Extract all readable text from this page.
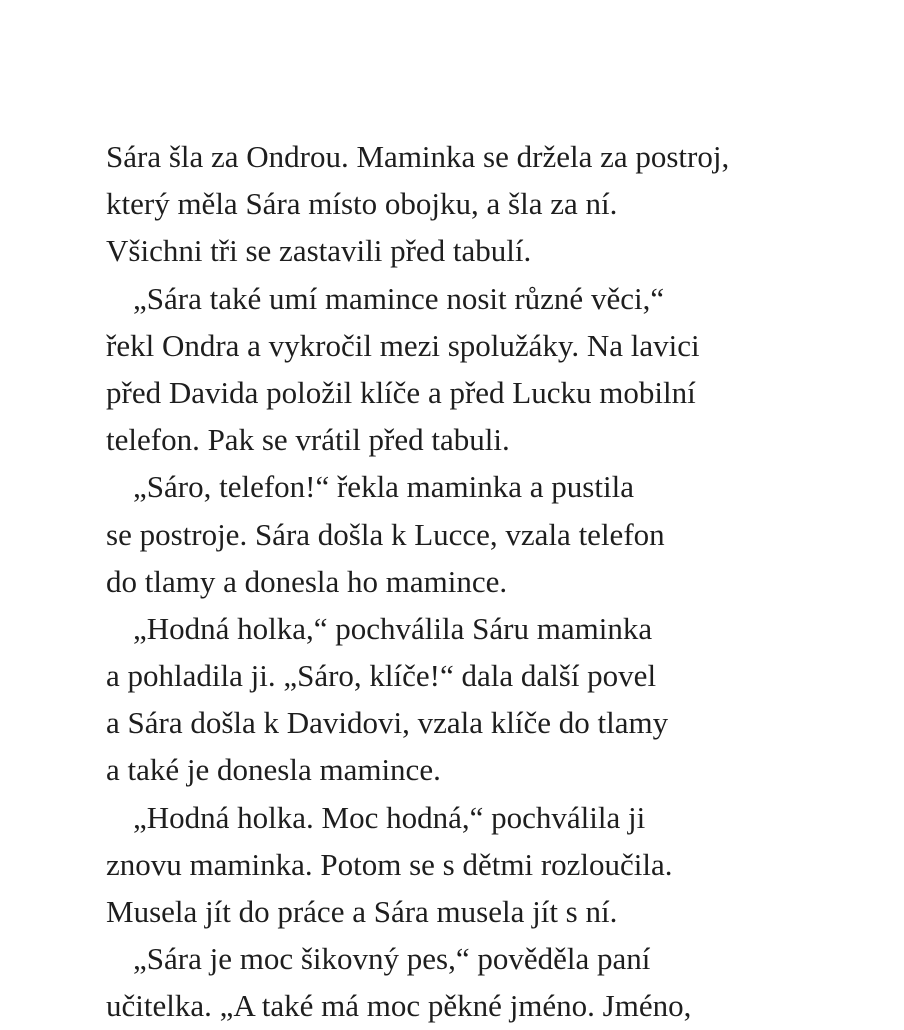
Sára šla za Ondrou. Maminka se držela za postroj,
který měla Sára místo obojku, a šla za ní.
Všichni tři se zastavili před tabulí.
„Sára také umí mamince nosit různé věci,“
řekl Ondra a vykročil mezi spolužáky. Na lavici
před Davida položil klíče a před Lucku mobilní
telefon. Pak se vrátil před tabuli.
„Sáro, telefon!“ řekla maminka a pustila
se postroje. Sára došla k Lucce, vzala telefon
do tlamy a donesla ho mamince.
„Hodná holka,“ pochválila Sáru maminka
a pohladila ji. „Sáro, klíče!“ dala další povel
a Sára došla k Davidovi, vzala klíče do tlamy
a také je donesla mamince.
„Hodná holka. Moc hodná,“ pochválila ji
znovu maminka. Potom se s dětmi rozloučila.
Musela jít do práce a Sára musela jít s ní.
„Sára je moc šikovný pes,“ pověděla paní
učitelka. „A také má moc pěkné jméno. Jméno,
